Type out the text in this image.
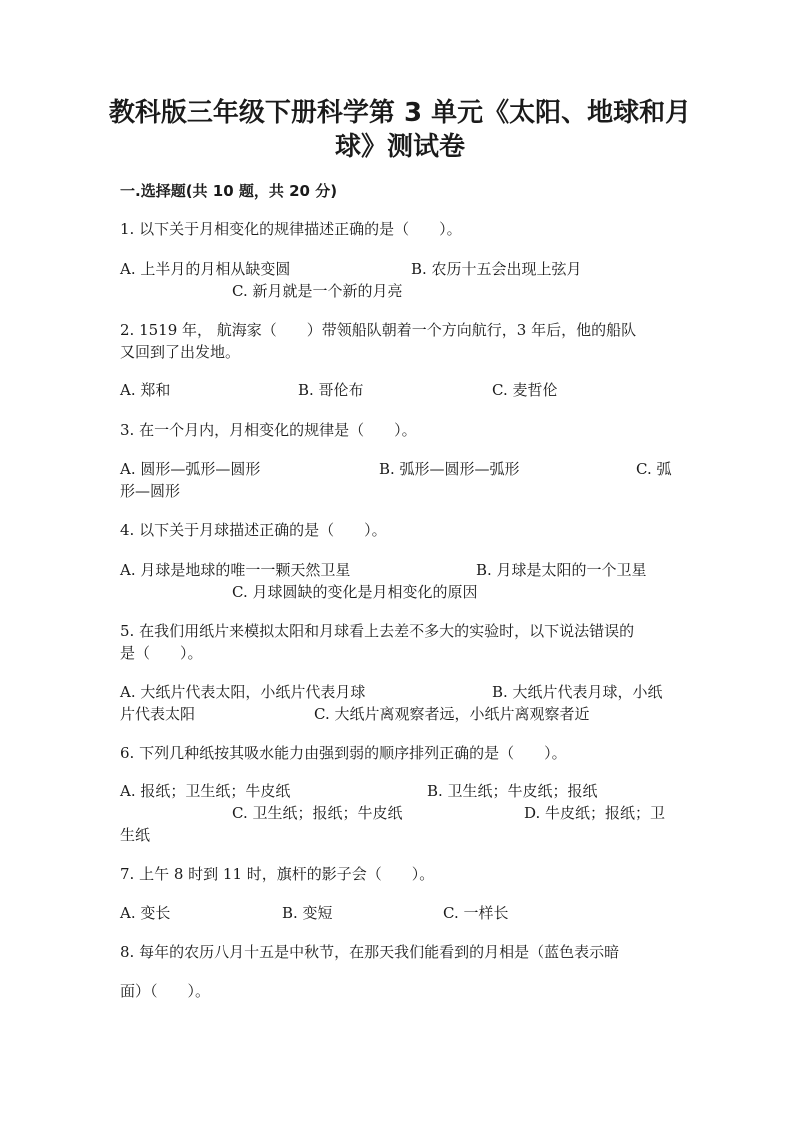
教科版三年级下册科学第 3 单元《太阳、地球和月
球》测试卷
一.选择题(共 10 题，共 20 分)
1. 以下关于月相变化的规律描述正确的是（　　）。
A. 上半月的月相从缺变圆	B. 农历十五会出现上弦月
C. 新月就是一个新的月亮
2. 1519 年， 航海家（　　）带领船队朝着一个方向航行，3 年后，他的船队
又回到了出发地。
A. 郑和	B. 哥伦布	C. 麦哲伦
3. 在一个月内，月相变化的规律是（　　）。
A. 圆形—弧形—圆形	B. 弧形—圆形—弧形	C. 弧
形—圆形
4. 以下关于月球描述正确的是（　　）。
A. 月球是地球的唯一一颗天然卫星	B. 月球是太阳的一个卫星
C. 月球圆缺的变化是月相变化的原因
5. 在我们用纸片来模拟太阳和月球看上去差不多大的实验时，以下说法错误的
是（　　）。
A. 大纸片代表太阳，小纸片代表月球	B. 大纸片代表月球，小纸
片代表太阳	C. 大纸片离观察者远，小纸片离观察者近
6. 下列几种纸按其吸水能力由强到弱的顺序排列正确的是（　　）。
A. 报纸；卫生纸；牛皮纸	B. 卫生纸；牛皮纸；报纸
C. 卫生纸；报纸；牛皮纸	D. 牛皮纸；报纸；卫
生纸
7. 上午 8 时到 11 时，旗杆的影子会（　　）。
A. 变长	B. 变短	C. 一样长
8. 每年的农历八月十五是中秋节，在那天我们能看到的月相是（蓝色表示暗
面）（　　）。
